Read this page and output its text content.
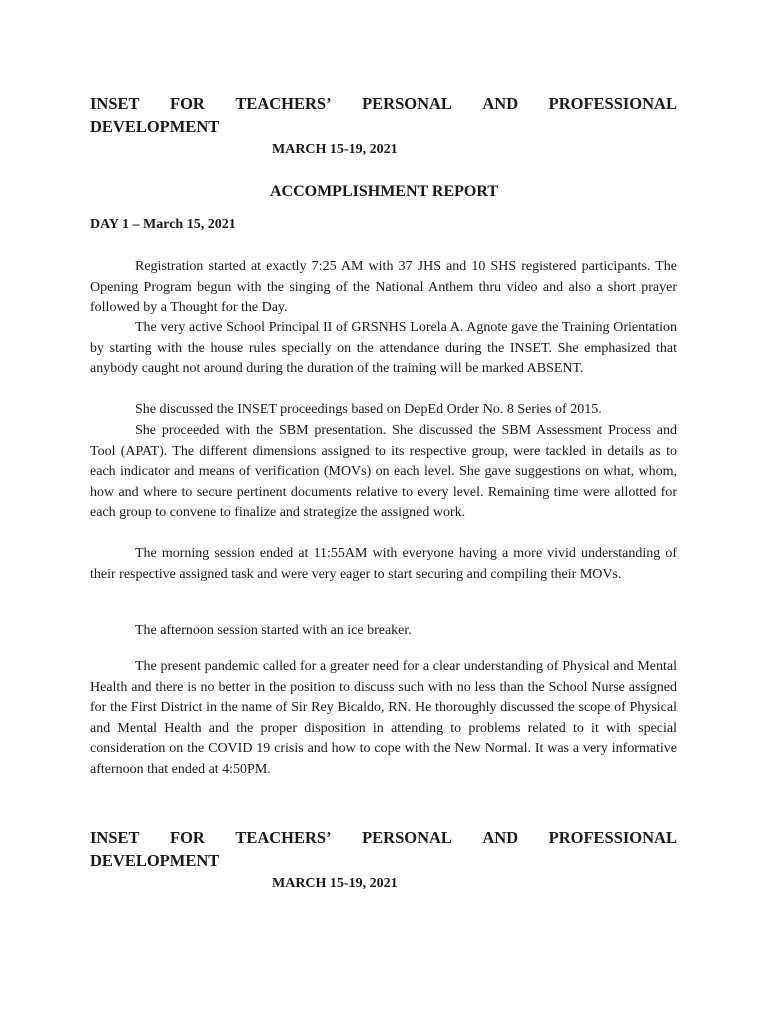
INSET FOR TEACHERS’ PERSONAL AND PROFESSIONAL
DEVELOPMENT
MARCH 15-19, 2021
ACCOMPLISHMENT REPORT
DAY 1 – March 15, 2021

Registration started at exactly 7:25 AM with 37 JHS and 10 SHS registered participants. The Opening Program begun with the singing of the National Anthem thru video and also a short prayer followed by a Thought for the Day.

The very active School Principal II of GRSNHS Lorela A. Agnote gave the Training Orientation by starting with the house rules specially on the attendance during the INSET. She emphasized that anybody caught not around during the duration of the training will be marked ABSENT.

She discussed the INSET proceedings based on DepEd Order No. 8 Series of 2015.

She proceeded with the SBM presentation. She discussed the SBM Assessment Process and Tool (APAT). The different dimensions assigned to its respective group, were tackled in details as to each indicator and means of verification (MOVs) on each level. She gave suggestions on what, whom, how and where to secure pertinent documents relative to every level. Remaining time were allotted for each group to convene to finalize and strategize the assigned work.

The morning session ended at 11:55AM with everyone having a more vivid understanding of their respective assigned task and were very eager to start securing and compiling their MOVs.

The afternoon session started with an ice breaker.

The present pandemic called for a greater need for a clear understanding of Physical and Mental Health and there is no better in the position to discuss such with no less than the School Nurse assigned for the First District in the name of Sir Rey Bicaldo, RN. He thoroughly discussed the scope of Physical and Mental Health and the proper disposition in attending to problems related to it with special consideration on the COVID 19 crisis and how to cope with the New Normal. It was a very informative afternoon that ended at 4:50PM.

INSET FOR TEACHERS’ PERSONAL AND PROFESSIONAL
DEVELOPMENT
MARCH 15-19, 2021
